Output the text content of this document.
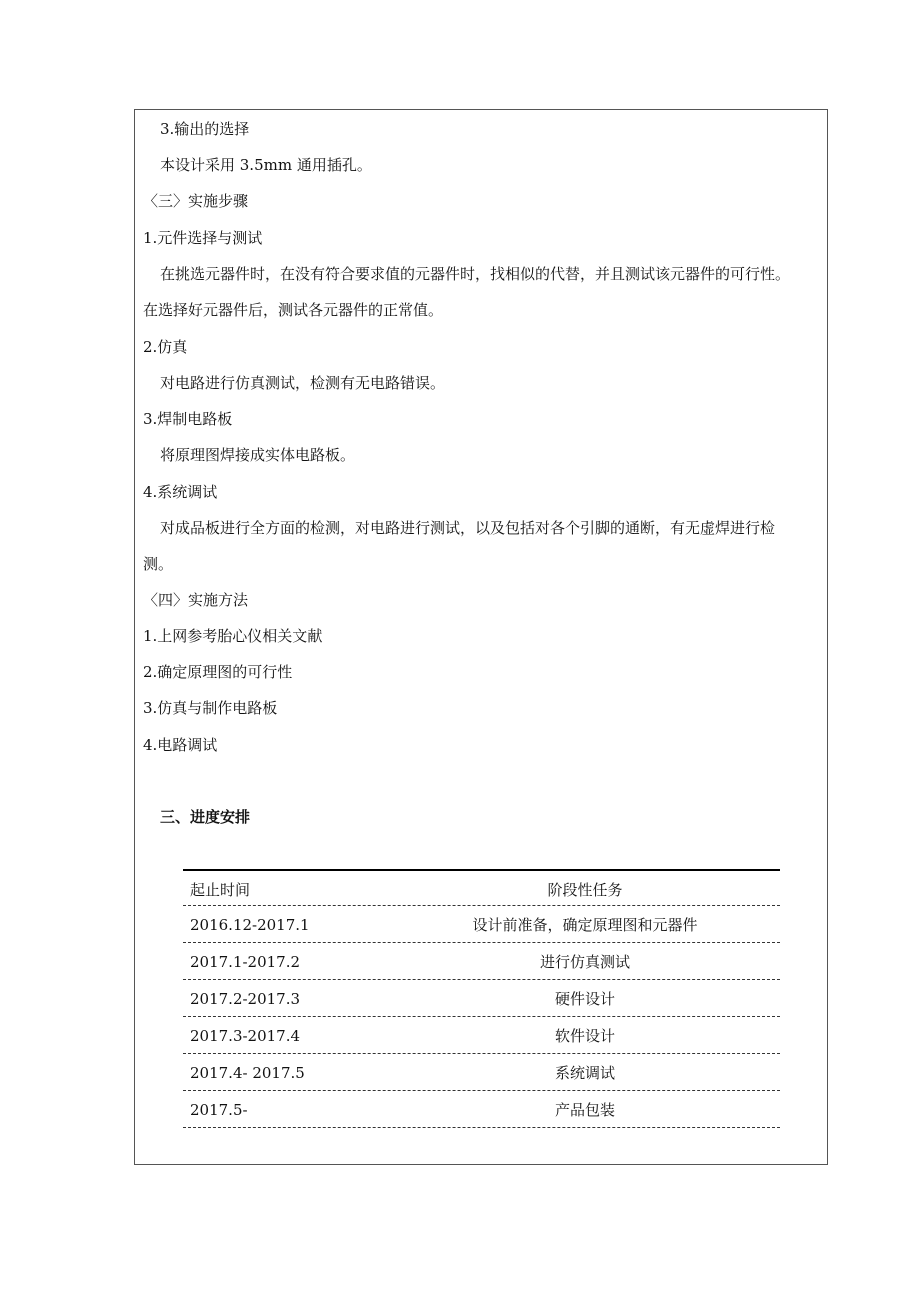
3.输出的选择
本设计采用 3.5mm 通用插孔。
〈三〉实施步骤
1.元件选择与测试
在挑选元器件时，在没有符合要求值的元器件时，找相似的代替，并且测试该元器件的可行性。
在选择好元器件后，测试各元器件的正常值。
2.仿真
对电路进行仿真测试，检测有无电路错误。
3.焊制电路板
将原理图焊接成实体电路板。
4.系统调试
对成品板进行全方面的检测，对电路进行测试，以及包括对各个引脚的通断，有无虚焊进行检
测。
〈四〉实施方法
1.上网参考胎心仪相关文献
2.确定原理图的可行性
3.仿真与制作电路板
4.电路调试
三、进度安排
起止时间	阶段性任务
2016.12-2017.1	设计前准备，确定原理图和元器件
2017.1-2017.2	进行仿真测试
2017.2-2017.3	硬件设计
2017.3-2017.4	软件设计
2017.4- 2017.5	系统调试
2017.5-	产品包装
